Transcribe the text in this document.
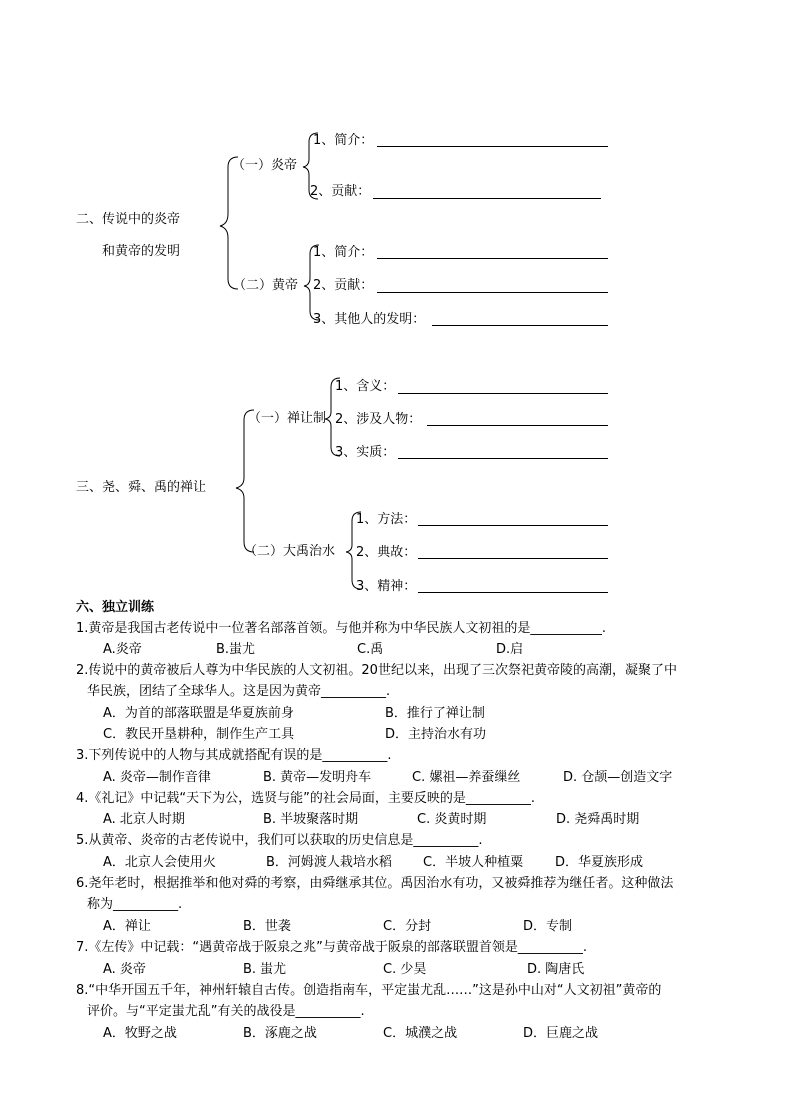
二、传说中的炎帝
和黄帝的发明
（一）炎帝
1、简介：
2、贡献：
（二）黄帝
1、简介：
2、贡献：
3、其他人的发明：
三、尧、舜、禹的禅让
（一）禅让制
1、含义：
2、涉及人物：
3、实质：
（二）大禹治水
1、方法：
2、典故：
3、精神：
六、独立训练
1.黄帝是我国古老传说中一位著名部落首领。与他并称为中华民族人文初祖的是___________.
A.炎帝	B.蚩尤	C.禹	D.启
2.传说中的黄帝被后人尊为中华民族的人文初祖。20世纪以来，出现了三次祭祀黄帝陵的高潮，凝聚了中
华民族，团结了全球华人。这是因为黄帝__________.
A．为首的部落联盟是华夏族前身	B．推行了禅让制
C．教民开垦耕种，制作生产工具	D．主持治水有功
3.下列传说中的人物与其成就搭配有误的是__________.
A. 炎帝—制作音律	B. 黄帝—发明舟车	C. 嫘祖—养蚕缫丝	D. 仓颉—创造文字
4.《礼记》中记载“天下为公，选贤与能”的社会局面，主要反映的是__________.
A. 北京人时期	B. 半坡聚落时期	C. 炎黄时期	D. 尧舜禹时期
5.从黄帝、炎帝的古老传说中，我们可以获取的历史信息是__________.
A．北京人会使用火	B．河姆渡人栽培水稻 C．半坡人种植粟 D．华夏族形成
6.尧年老时，根据推举和他对舜的考察，由舜继承其位。禹因治水有功，又被舜推荐为继任者。这种做法
称为__________.
A．禅让	B．世袭	C．分封	D．专制
7.《左传》中记载：“遇黄帝战于阪泉之兆”与黄帝战于阪泉的部落联盟首领是__________.
A. 炎帝	B. 蚩尤	C. 少昊	D. 陶唐氏
8.“中华开国五千年，神州轩辕自古传。创造指南车，平定蚩尤乱……”这是孙中山对“人文初祖”黄帝的
评价。与“平定蚩尤乱”有关的战役是__________.
A．牧野之战	B．涿鹿之战	C．城濮之战	D．巨鹿之战
